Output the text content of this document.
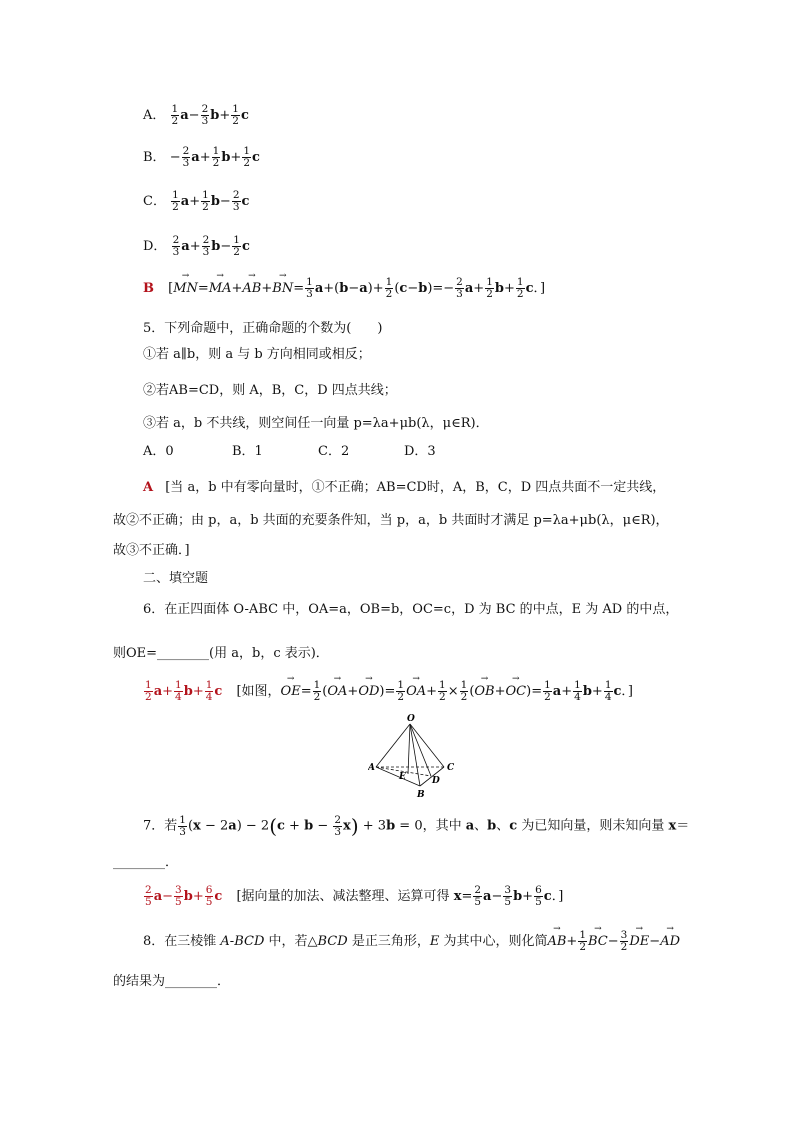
A． $\frac{1}{2} a- \frac{2}{3} b+ \frac{1}{2}$ c
B． − $\frac{2}{3} a+ \frac{1}{2} b+ \frac{1}{2}$ c
C． $\frac{1}{2} a+ \frac{1}{2} b- \frac{2}{3}$ c
D． $\frac{2}{3} a+ \frac{2}{3} b- \frac{1}{2}$ c
B [→ $MN=\to MA+\to AB+\to BN= \frac{1}{3} a+(b-a)+ \frac{1}{2} (c-b)=- \frac{2}{3} a+ \frac{1}{2} b+ \frac{1}{2}$ c．]
5．下列命题中，正确命题的个数为(　　)
①若 a∥b，则 a 与 b 方向相同或相反；
②若AB=CD，则 A，B，C，D 四点共线；
③若 a，b 不共线，则空间任一向量 p=λa+μb(λ，μ∈R)．
A．0	B．1	C．2	D．3
A [当 a，b 中有零向量时，①不正确；AB=CD时，A，B，C，D 四点共面不一定共线，
故②不正确；由 p，a，b 共面的充要条件知，当 p，a，b 共面时才满足 p=λa+μb(λ，μ∈R)，
故③不正确．]
二、填空题
6．在正四面体 O-ABC 中，OA=a，OB=b，OC=c，D 为 BC 的中点，E 为 AD 的中点，
则OE=________(用 a，b，c 表示)．
$\frac{1}{2} a+ \frac{1}{4} b+ \frac{1}{4}$ c [如图，→ $OE= \frac{1}{2}$ (→ $OA+\to OD)= \frac{1}{2}$
→ $OA+ \frac{1}{2} \times \frac{1}{2}$ (→ $OB+\to OC)= \frac{1}{2} a+ \frac{1}{4} b+ \frac{1}{4}$ c．]
O
A
E	D
C
B
7．若 $\frac{1}{3} (x - 2a) - 2(c + b - \frac{2}{3} x) + 3b = 0$，其中 a、b、c 为已知向量，则未知向量 x＝
________．
$\frac{2}{5} a- \frac{3}{5} b+ \frac{6}{5}$ c [据向量的加法、减法整理、运算可得 $x= \frac{2}{5} a- \frac{3}{5} b+ \frac{6}{5}$ c．]
8．在三棱锥 A-BCD 中，若△BCD 是正三角形，E 为其中心，则化简→ $AB+ \frac{1}{2}$
→ $BC- \frac{3}{2}$
→ DE−→ AD
的结果为________．
